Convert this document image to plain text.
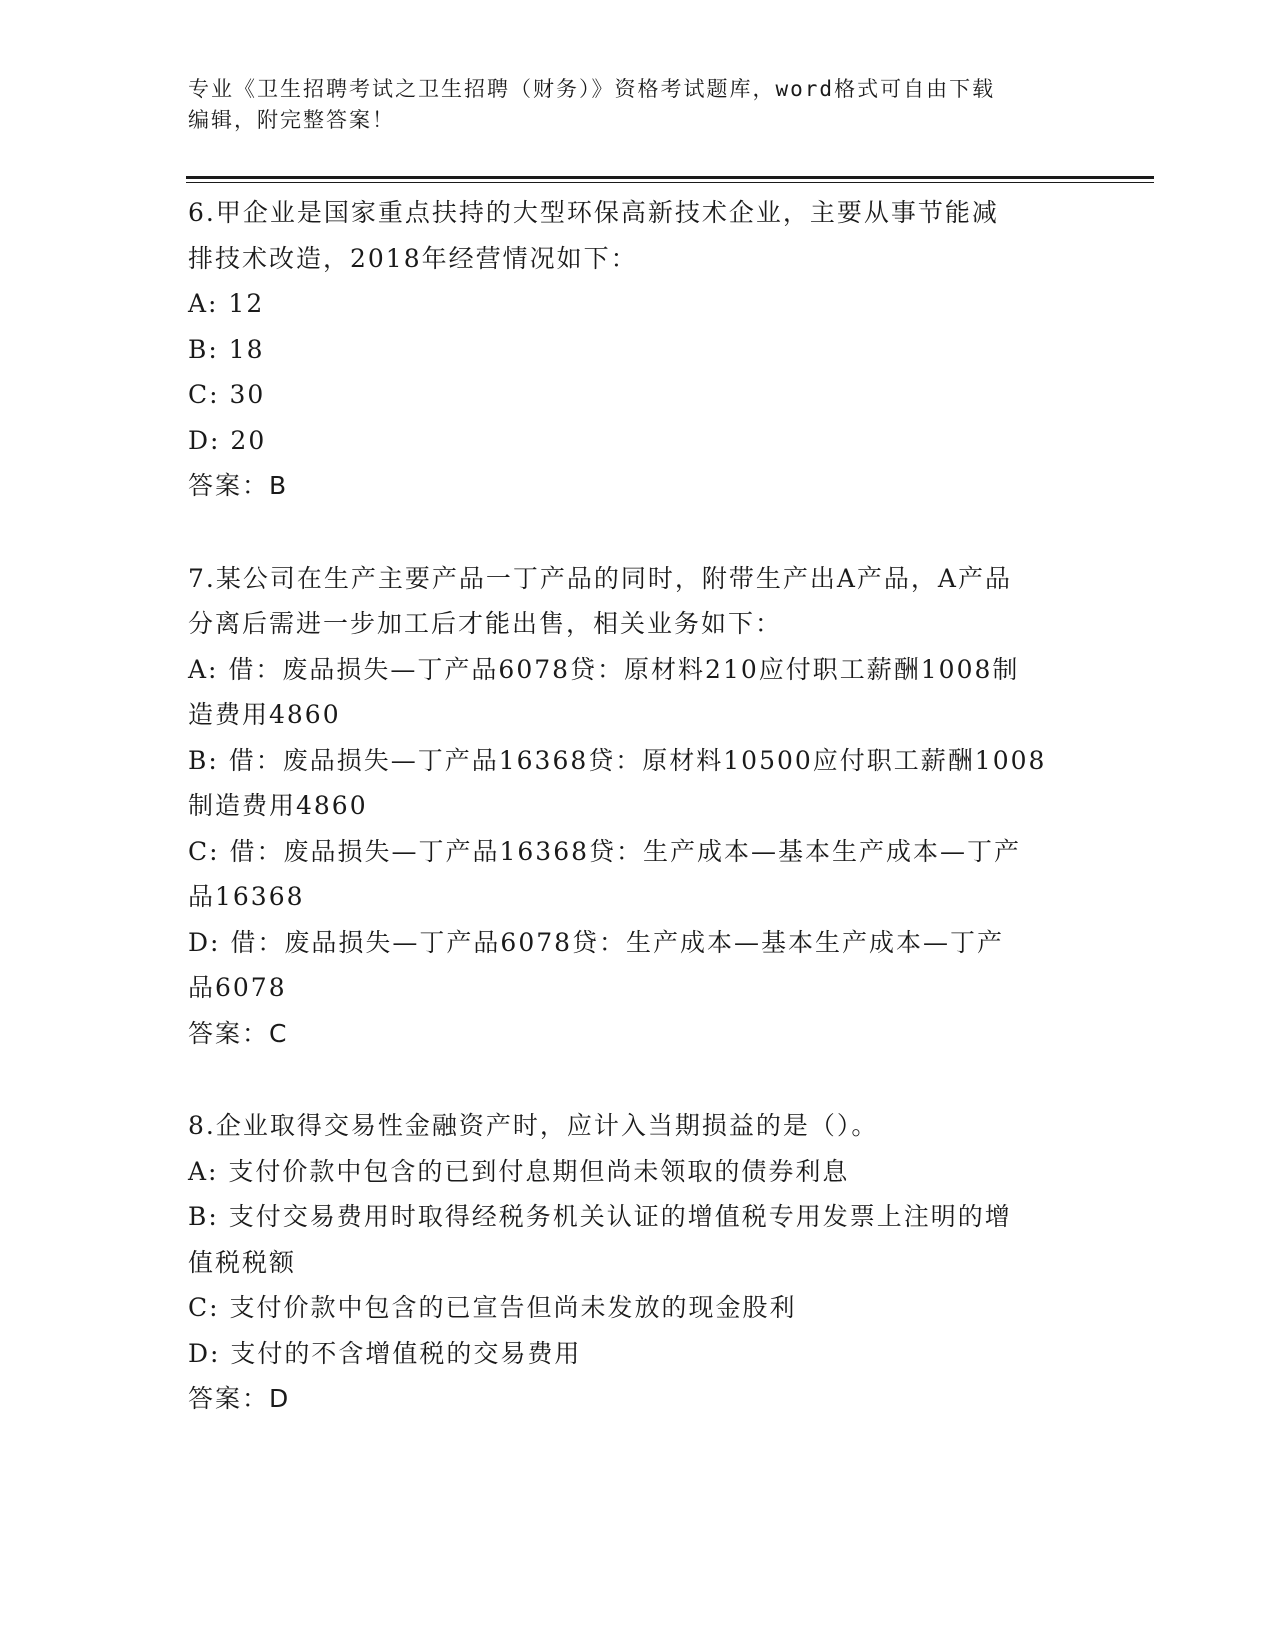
专业《卫生招聘考试之卫生招聘（财务）》资格考试题库，word格式可自由下载
编辑，附完整答案！
6.甲企业是国家重点扶持的大型环保高新技术企业，主要从事节能减
排技术改造，2018年经营情况如下：
A: 12
B: 18
C: 30
D: 20
答案：B
7.某公司在生产主要产品一丁产品的同时，附带生产出A产品，A产品
分离后需进一步加工后才能出售，相关业务如下：
A: 借：废品损失—丁产品6078贷：原材料210应付职工薪酬1008制
造费用4860
B: 借：废品损失—丁产品16368贷：原材料10500应付职工薪酬1008
制造费用4860
C: 借：废品损失—丁产品16368贷：生产成本—基本生产成本—丁产
品16368
D: 借：废品损失—丁产品6078贷：生产成本—基本生产成本—丁产
品6078
答案：C
8.企业取得交易性金融资产时，应计入当期损益的是（）。
A: 支付价款中包含的已到付息期但尚未领取的债券利息
B: 支付交易费用时取得经税务机关认证的增值税专用发票上注明的增
值税税额
C: 支付价款中包含的已宣告但尚未发放的现金股利
D: 支付的不含增值税的交易费用
答案：D
